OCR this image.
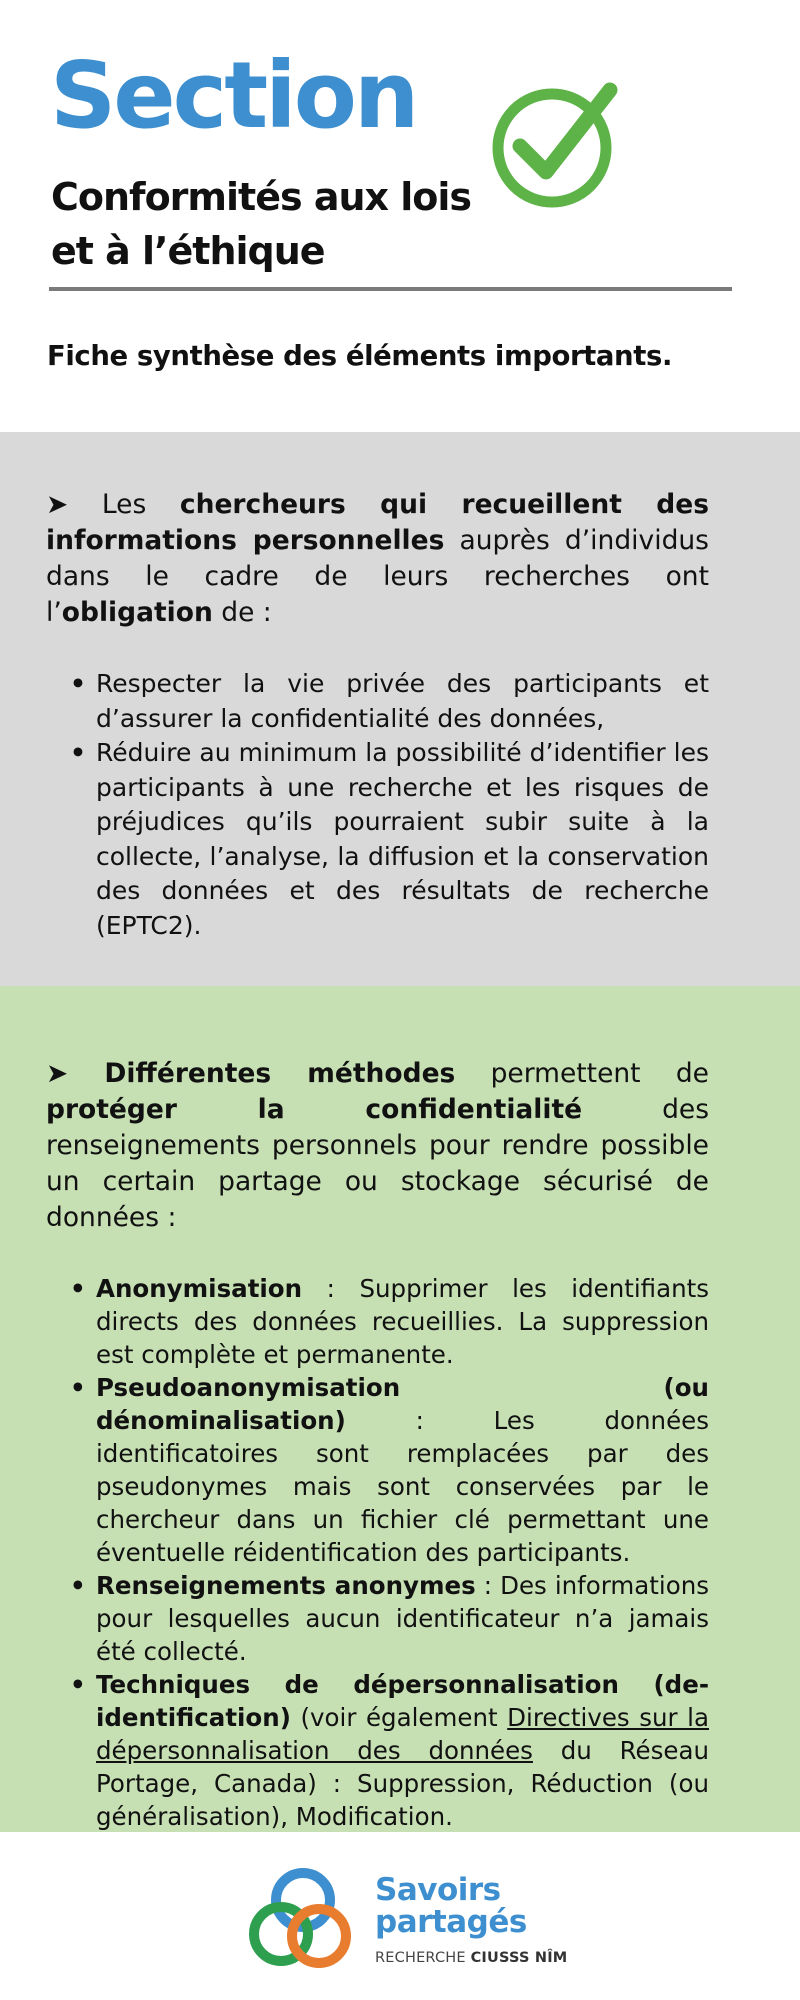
Section
Conformités aux lois
et à l’éthique

Fiche synthèse des éléments importants.

➤ Les chercheurs qui recueillent des informations personnelles auprès d’individus dans le cadre de leurs recherches ont l’obligation de :

• Respecter la vie privée des participants et d’assurer la confidentialité des données,
• Réduire au minimum la possibilité d’identifier les participants à une recherche et les risques de préjudices qu’ils pourraient subir suite à la collecte, l’analyse, la diffusion et la conservation des données et des résultats de recherche (EPTC2).

➤ Différentes méthodes permettent de protéger la confidentialité des renseignements personnels pour rendre possible un certain partage ou stockage sécurisé de données :

• Anonymisation : Supprimer les identifiants directs des données recueillies. La suppression est complète et permanente.
• Pseudoanonymisation (ou dénominalisation) : Les données identificatoires sont remplacées par des pseudonymes mais sont conservées par le chercheur dans un fichier clé permettant une éventuelle réidentification des participants.
• Renseignements anonymes : Des informations pour lesquelles aucun identificateur n’a jamais été collecté.
• Techniques de dépersonnalisation (de-identification) (voir également Directives sur la dépersonnalisation des données du Réseau Portage, Canada) : Suppression, Réduction (ou généralisation), Modification.
Savoirs
partagés
RECHERCHE CIUSSS NÎM
